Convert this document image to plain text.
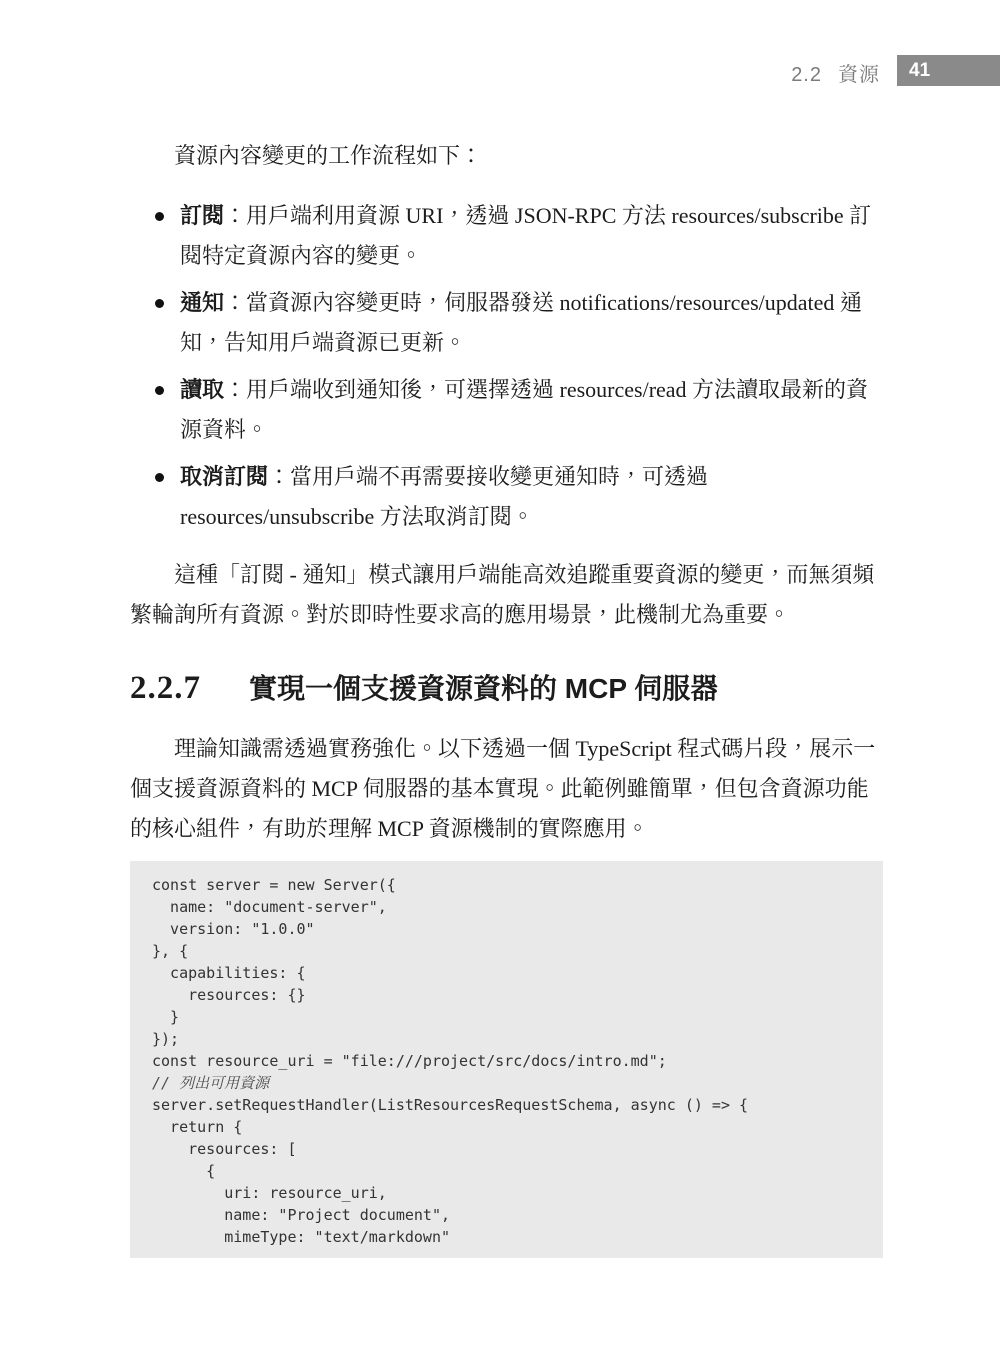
2.2 資源	41

資源內容變更的工作流程如下：

訂閱：用戶端利用資源 URI，透過 JSON-RPC 方法 resources/subscribe 訂閱特定資源內容的變更。
通知：當資源內容變更時，伺服器發送 notifications/resources/updated 通知，告知用戶端資源已更新。
讀取：用戶端收到通知後，可選擇透過 resources/read 方法讀取最新的資源資料。
取消訂閱：當用戶端不再需要接收變更通知時，可透過 resources/unsubscribe 方法取消訂閱。

這種「訂閱 - 通知」模式讓用戶端能高效追蹤重要資源的變更，而無須頻繁輪詢所有資源。對於即時性要求高的應用場景，此機制尤為重要。

2.2.7 實現一個支援資源資料的 MCP 伺服器

理論知識需透過實務強化。以下透過一個 TypeScript 程式碼片段，展示一個支援資源資料的 MCP 伺服器的基本實現。此範例雖簡單，但包含資源功能的核心組件，有助於理解 MCP 資源機制的實際應用。

const server = new Server({
name: "document-server",
version: "1.0.0"
}, {
capabilities: {
resources: {}
}
});
const resource_uri = "file:///project/src/docs/intro.md";
// 列出可用資源
server.setRequestHandler(ListResourcesRequestSchema, async () => {
return {
resources: [
{
uri: resource_uri,
name: "Project document",
mimeType: "text/markdown"
